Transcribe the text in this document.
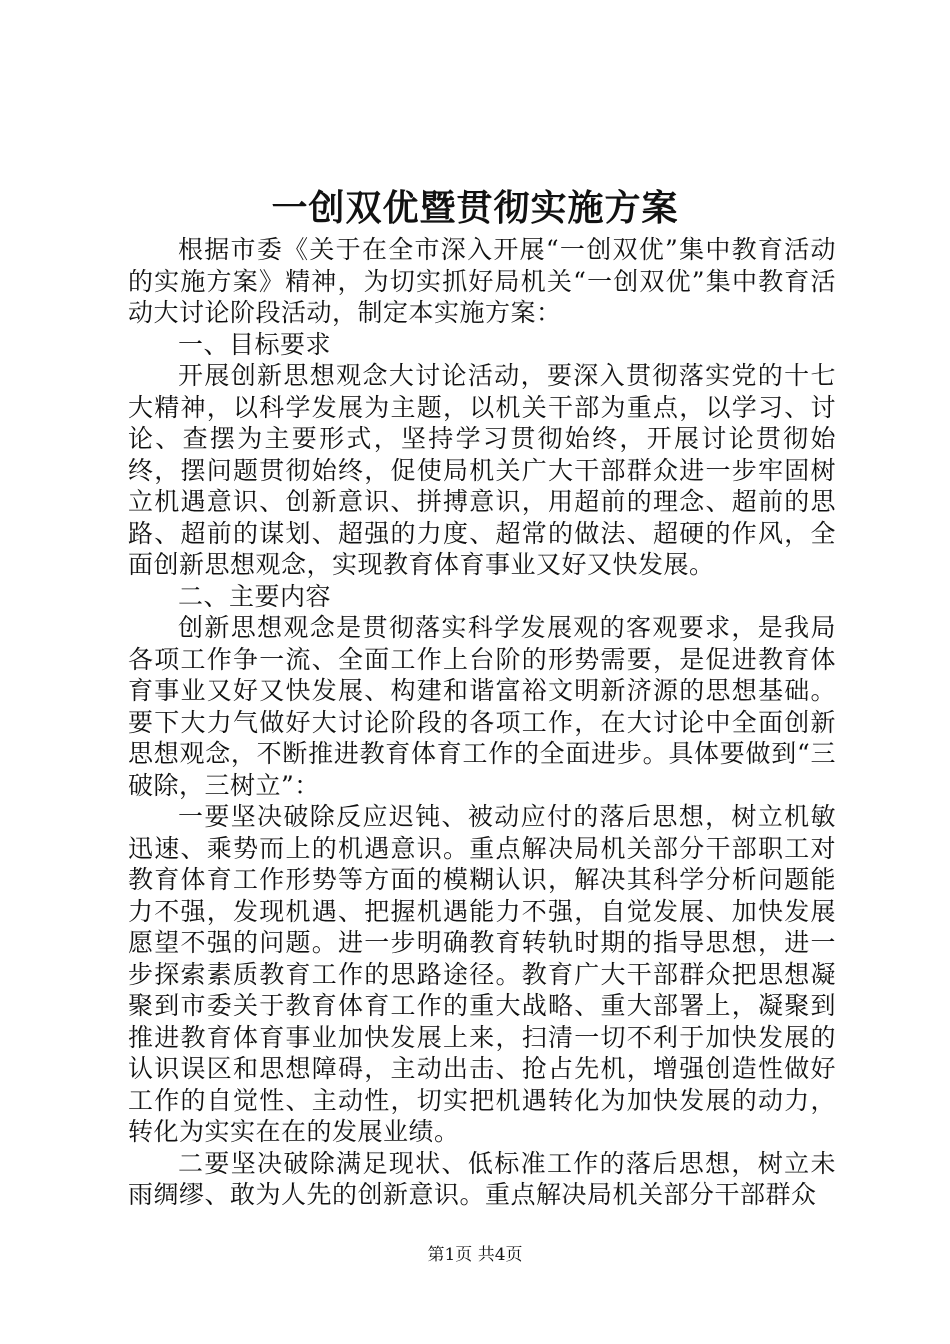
一创双优暨贯彻实施方案

根据市委《关于在全市深入开展“一创双优”集中教育活动的实施方案》精神，为切实抓好局机关“一创双优”集中教育活动大讨论阶段活动，制定本实施方案：

一、目标要求

开展创新思想观念大讨论活动，要深入贯彻落实党的十七大精神，以科学发展为主题，以机关干部为重点，以学习、讨论、查摆为主要形式，坚持学习贯彻始终，开展讨论贯彻始终，摆问题贯彻始终，促使局机关广大干部群众进一步牢固树立机遇意识、创新意识、拼搏意识，用超前的理念、超前的思路、超前的谋划、超强的力度、超常的做法、超硬的作风，全面创新思想观念，实现教育体育事业又好又快发展。

二、主要内容

创新思想观念是贯彻落实科学发展观的客观要求，是我局各项工作争一流、全面工作上台阶的形势需要，是促进教育体育事业又好又快发展、构建和谐富裕文明新济源的思想基础。要下大力气做好大讨论阶段的各项工作，在大讨论中全面创新思想观念，不断推进教育体育工作的全面进步。具体要做到“三破除，三树立”：

一要坚决破除反应迟钝、被动应付的落后思想，树立机敏迅速、乘势而上的机遇意识。重点解决局机关部分干部职工对教育体育工作形势等方面的模糊认识，解决其科学分析问题能力不强，发现机遇、把握机遇能力不强，自觉发展、加快发展愿望不强的问题。进一步明确教育转轨时期的指导思想，进一步探索素质教育工作的思路途径。教育广大干部群众把思想凝聚到市委关于教育体育工作的重大战略、重大部署上，凝聚到推进教育体育事业加快发展上来，扫清一切不利于加快发展的认识误区和思想障碍，主动出击、抢占先机，增强创造性做好工作的自觉性、主动性，切实把机遇转化为加快发展的动力，转化为实实在在的发展业绩。

二要坚决破除满足现状、低标准工作的落后思想，树立未雨绸缪、敢为人先的创新意识。重点解决局机关部分干部群众

第1页 共4页
